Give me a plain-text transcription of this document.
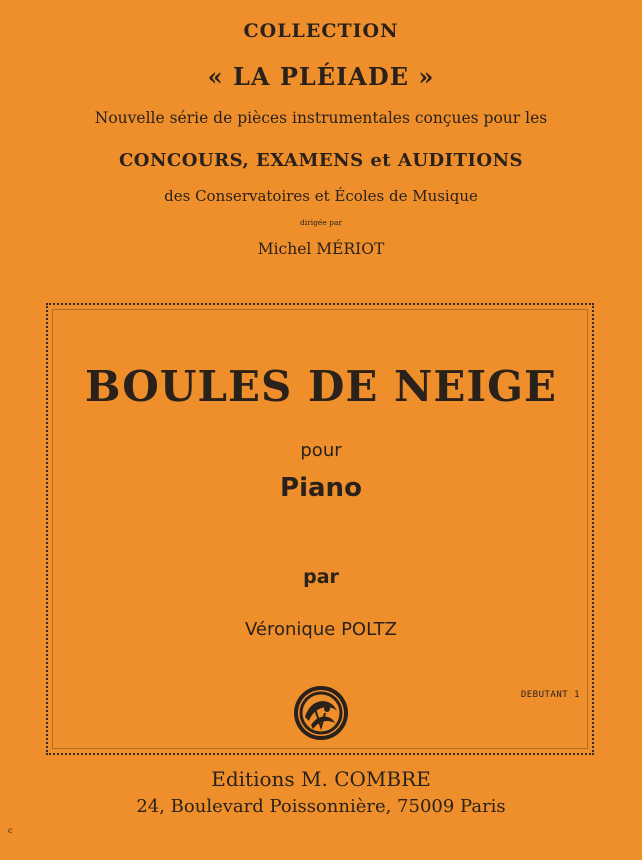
COLLECTION
« LA PLÉIADE »
Nouvelle série de pièces instrumentales conçues pour les
CONCOURS, EXAMENS et AUDITIONS
des Conservatoires et Écoles de Musique
dirigée par
Michel MÉRIOT
BOULES DE NEIGE
pour
Piano
par
Véronique POLTZ
DEBUTANT 1
Editions M. COMBRE
24, Boulevard Poissonnière, 75009 Paris
c
